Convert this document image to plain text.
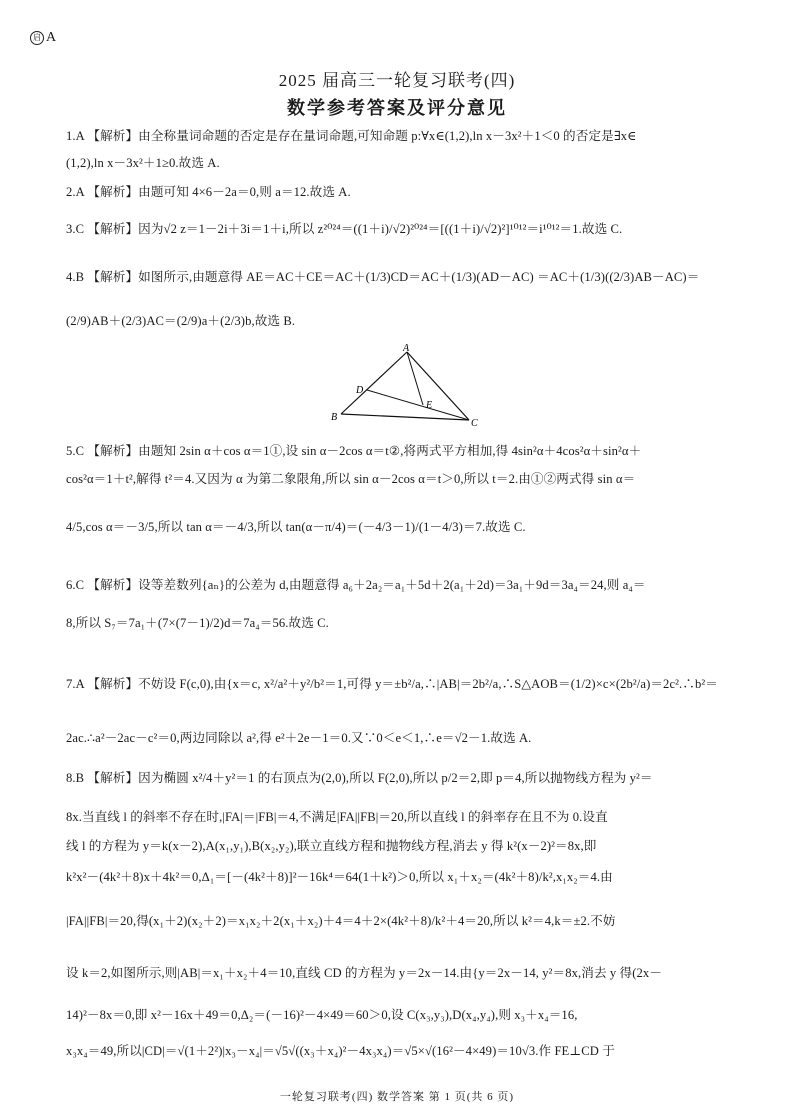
启 A
2025 届高三一轮复习联考(四)
数学参考答案及评分意见
1.A 【解析】由全称量词命题的否定是存在量词命题,可知命题 p:∀x∈(1,2),ln x－3x²＋1＜0 的否定是∃x∈
(1,2),ln x－3x²＋1≥0.故选 A.
2.A 【解析】由题可知 4×6－2a＝0,则 a＝12.故选 A.
3.C 【解析】因为√2 z＝1－2i＋3i＝1＋i,所以 z²⁰²⁴＝((1＋i)/√2)²⁰²⁴＝[((1＋i)/√2)²]¹⁰¹²＝i¹⁰¹²＝1.故选 C.
4.B 【解析】如图所示,由题意得 AE＝AC＋CE＝AC＋(1/3)CD＝AC＋(1/3)(AD－AC) ＝AC＋(1/3)((2/3)AB－AC)＝
(2/9)AB＋(2/3)AC＝(2/9)a＋(2/3)b,故选 B.
A
B
C
D
E
5.C 【解析】由题知 2sin α＋cos α＝1①,设 sin α－2cos α＝t②,将两式平方相加,得 4sin²α＋4cos²α＋sin²α＋
cos²α＝1＋t²,解得 t²＝4.又因为 α 为第二象限角,所以 sin α－2cos α＝t＞0,所以 t＝2.由①②两式得 sin α＝
4/5,cos α＝－3/5,所以 tan α＝－4/3,所以 tan(α－π/4)＝(－4/3－1)/(1－4/3)＝7.故选 C.
6.C 【解析】设等差数列{aₙ}的公差为 d,由题意得 a₆＋2a₂＝a₁＋5d＋2(a₁＋2d)＝3a₁＋9d＝3a₄＝24,则 a₄＝
8,所以 S₇＝7a₁＋(7×(7－1)/2)d＝7a₄＝56.故选 C.
7.A 【解析】不妨设 F(c,0),由{x＝c, x²/a²＋y²/b²＝1,可得 y＝±b²/a,∴|AB|＝2b²/a,∴S△AOB＝(1/2)×c×(2b²/a)＝2c².∴b²＝
2ac.∴a²－2ac－c²＝0,两边同除以 a²,得 e²＋2e－1＝0.又∵0＜e＜1,∴e＝√2－1.故选 A.
8.B 【解析】因为椭圆 x²/4＋y²＝1 的右顶点为(2,0),所以 F(2,0),所以 p/2＝2,即 p＝4,所以抛物线方程为 y²＝
8x.当直线 l 的斜率不存在时,|FA|＝|FB|＝4,不满足|FA||FB|＝20,所以直线 l 的斜率存在且不为 0.设直
线 l 的方程为 y＝k(x－2),A(x₁,y₁),B(x₂,y₂),联立直线方程和抛物线方程,消去 y 得 k²(x－2)²＝8x,即
k²x²－(4k²＋8)x＋4k²＝0,Δ₁＝[－(4k²＋8)]²－16k⁴＝64(1＋k²)＞0,所以 x₁＋x₂＝(4k²＋8)/k²,x₁x₂＝4.由
|FA||FB|＝20,得(x₁＋2)(x₂＋2)＝x₁x₂＋2(x₁＋x₂)＋4＝4＋2×(4k²＋8)/k²＋4＝20,所以 k²＝4,k＝±2.不妨
设 k＝2,如图所示,则|AB|＝x₁＋x₂＋4＝10,直线 CD 的方程为 y＝2x－14.由{y＝2x－14, y²＝8x,消去 y 得(2x－
14)²－8x＝0,即 x²－16x＋49＝0,Δ₂＝(－16)²－4×49＝60＞0,设 C(x₃,y₃),D(x₄,y₄),则 x₃＋x₄＝16,
x₃x₄＝49,所以|CD|＝√(1＋2²)|x₃－x₄|＝√5√((x₃＋x₄)²－4x₃x₄)＝√5×√(16²－4×49)＝10√3.作 FE⊥CD 于
一轮复习联考(四) 数学答案 第 1 页(共 6 页)
